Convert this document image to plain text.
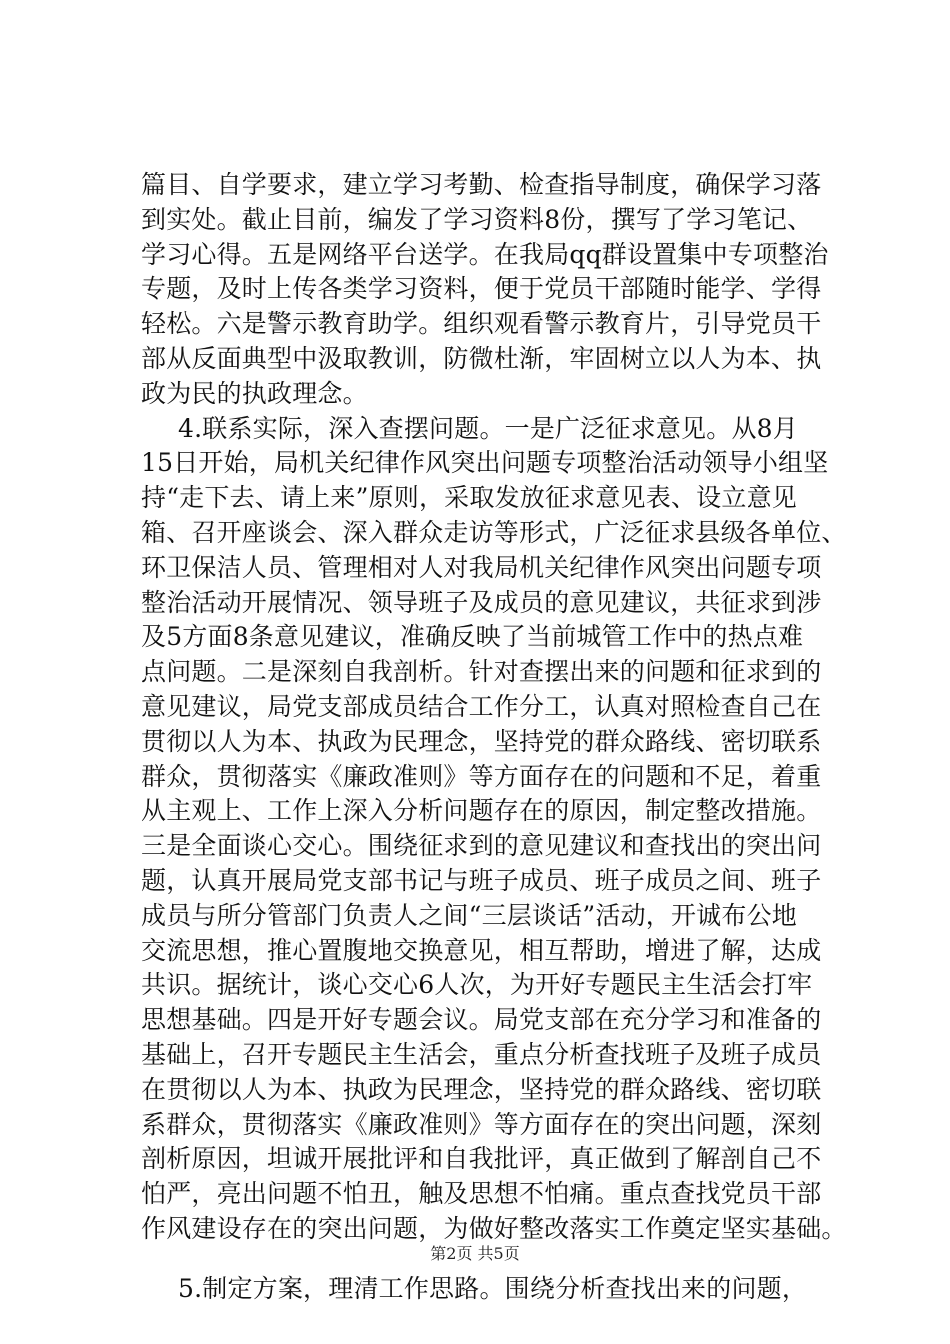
篇目、自学要求，建立学习考勤、检查指导制度，确保学习落
到实处。截止目前，编发了学习资料8份，撰写了学习笔记、
学习心得。五是网络平台送学。在我局qq群设置集中专项整治
专题，及时上传各类学习资料，便于党员干部随时能学、学得
轻松。六是警示教育助学。组织观看警示教育片，引导党员干
部从反面典型中汲取教训，防微杜渐，牢固树立以人为本、执
政为民的执政理念。
4.联系实际，深入查摆问题。一是广泛征求意见。从8月
15日开始，局机关纪律作风突出问题专项整治活动领导小组坚
持“走下去、请上来”原则，采取发放征求意见表、设立意见
箱、召开座谈会、深入群众走访等形式，广泛征求县级各单位、
环卫保洁人员、管理相对人对我局机关纪律作风突出问题专项
整治活动开展情况、领导班子及成员的意见建议，共征求到涉
及5方面8条意见建议，准确反映了当前城管工作中的热点难
点问题。二是深刻自我剖析。针对查摆出来的问题和征求到的
意见建议，局党支部成员结合工作分工，认真对照检查自己在
贯彻以人为本、执政为民理念，坚持党的群众路线、密切联系
群众，贯彻落实《廉政准则》等方面存在的问题和不足，着重
从主观上、工作上深入分析问题存在的原因，制定整改措施。
三是全面谈心交心。围绕征求到的意见建议和查找出的突出问
题，认真开展局党支部书记与班子成员、班子成员之间、班子
成员与所分管部门负责人之间“三层谈话”活动，开诚布公地
交流思想，推心置腹地交换意见，相互帮助，增进了解，达成
共识。据统计，谈心交心6人次，为开好专题民主生活会打牢
思想基础。四是开好专题会议。局党支部在充分学习和准备的
基础上，召开专题民主生活会，重点分析查找班子及班子成员
在贯彻以人为本、执政为民理念，坚持党的群众路线、密切联
系群众，贯彻落实《廉政准则》等方面存在的突出问题，深刻
剖析原因，坦诚开展批评和自我批评，真正做到了解剖自己不
怕严，亮出问题不怕丑，触及思想不怕痛。重点查找党员干部
作风建设存在的突出问题，为做好整改落实工作奠定坚实基础。
5.制定方案，理清工作思路。围绕分析查找出来的问题，
第2页 共5页
